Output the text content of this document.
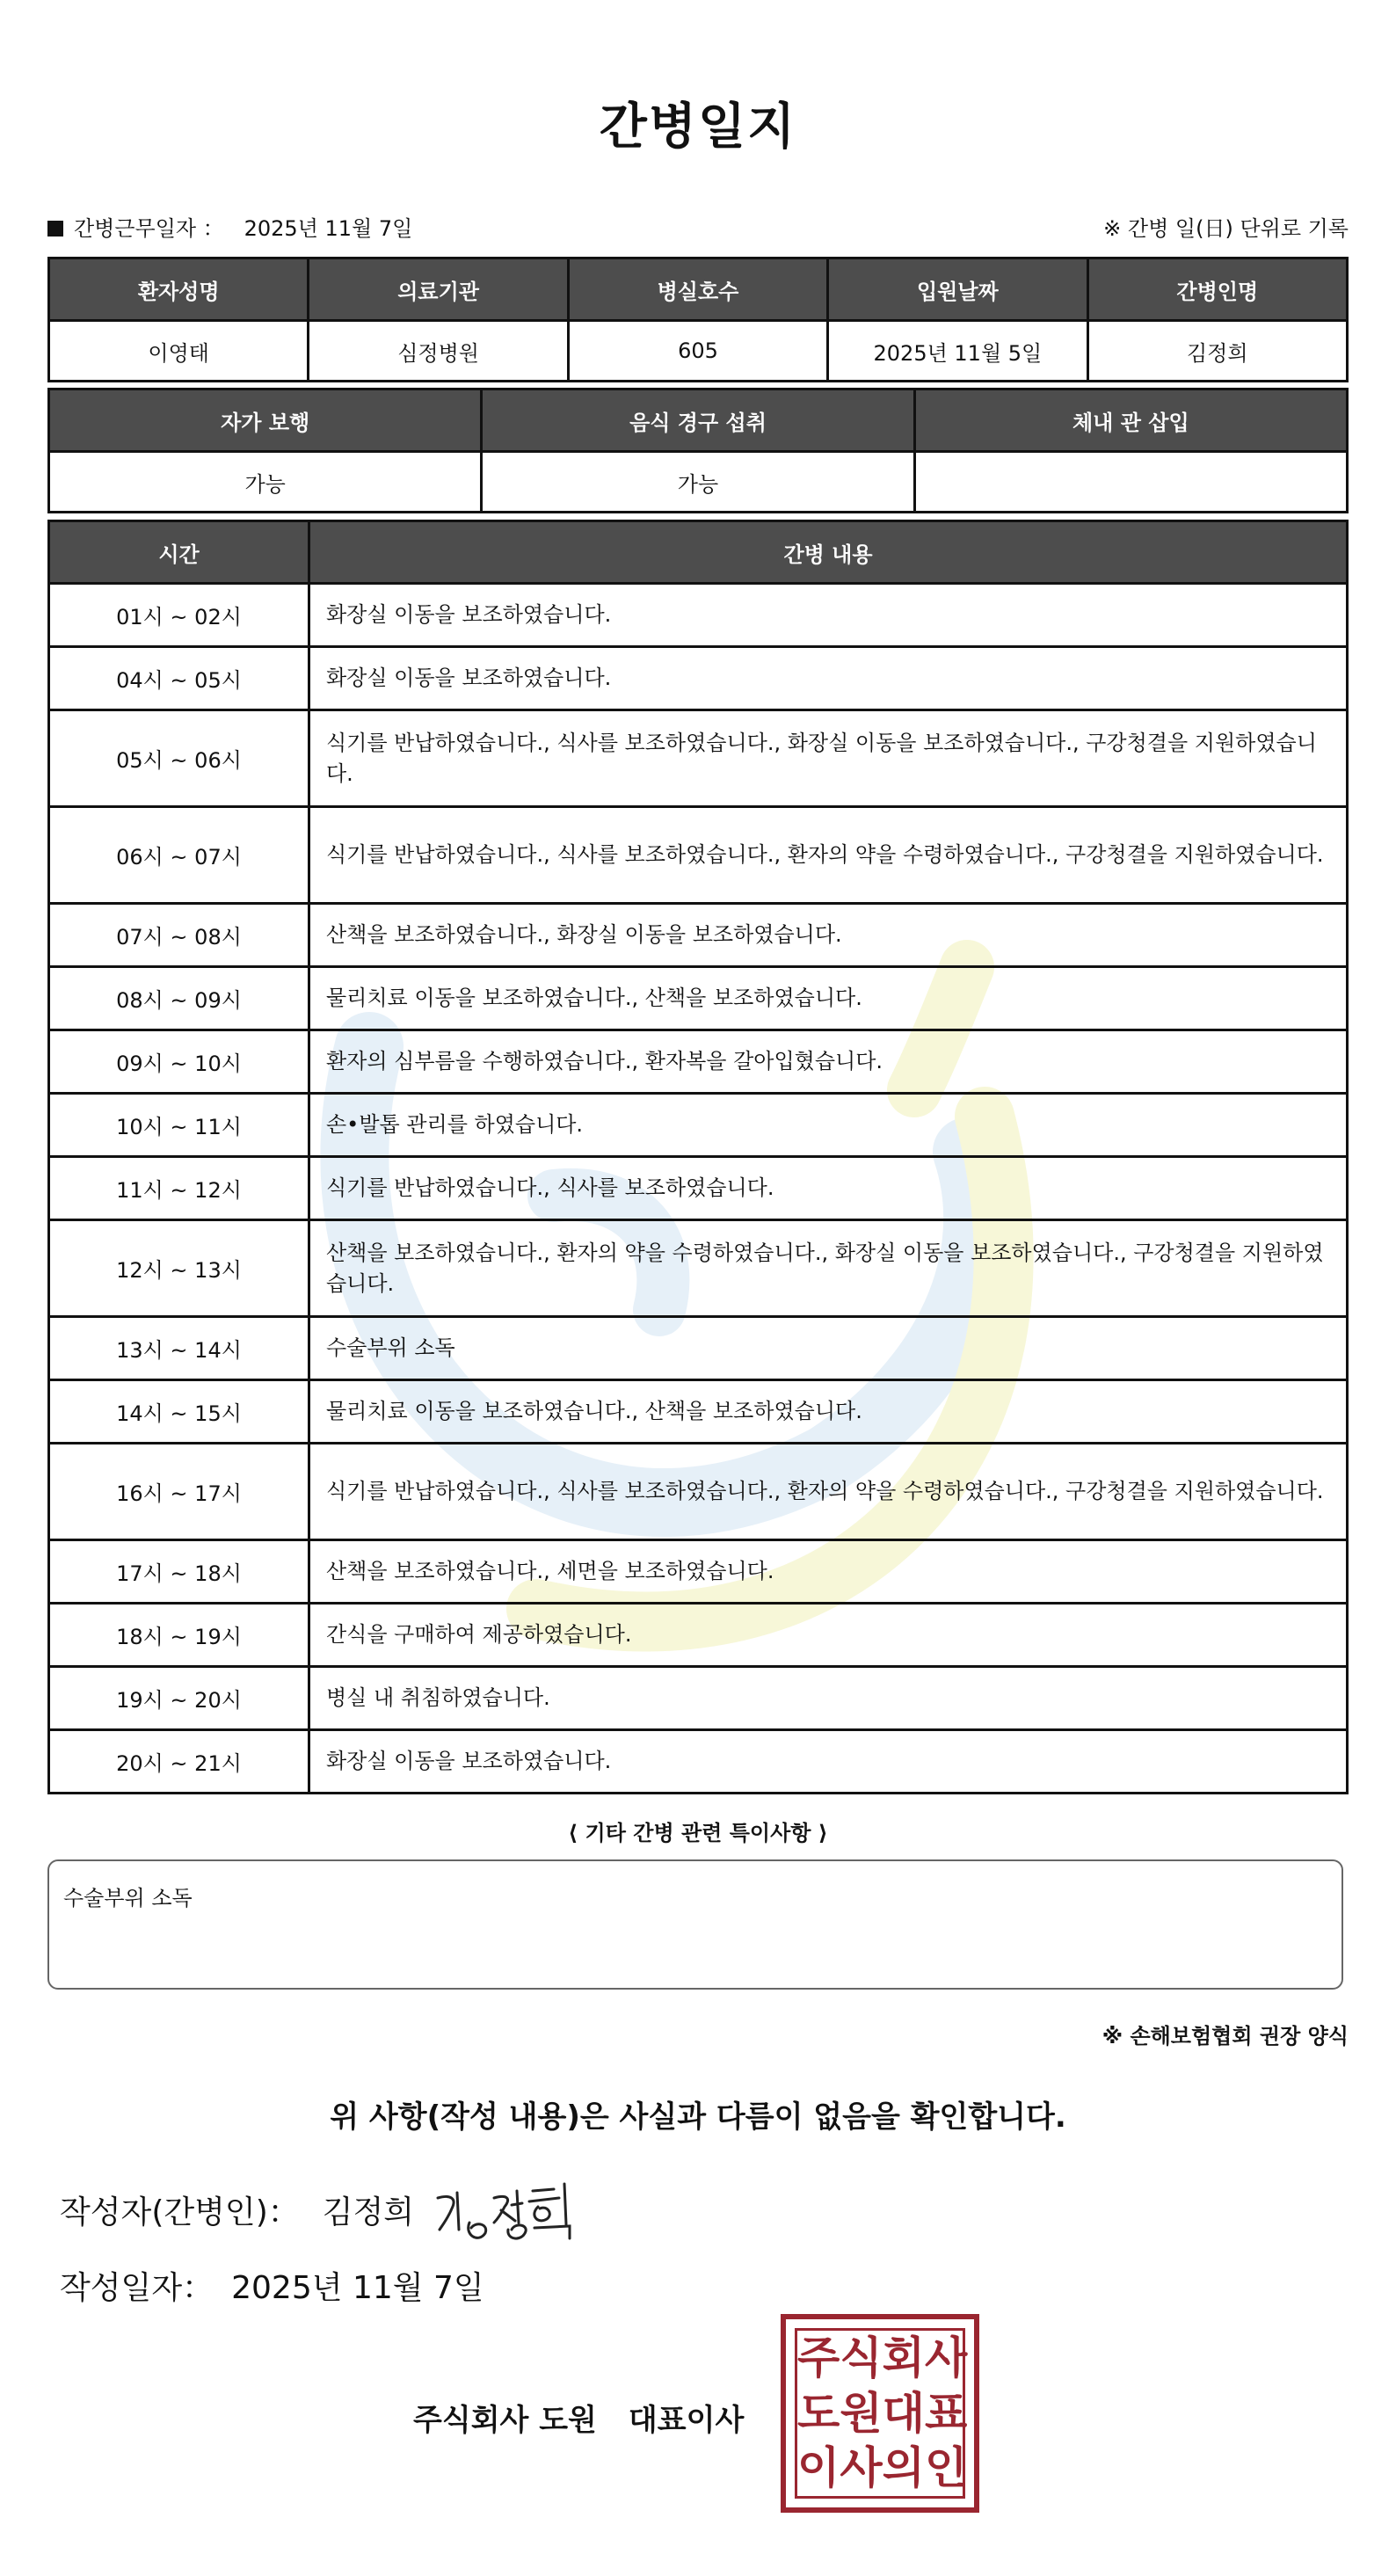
간병일지
간병근무일자 ： 2025년 11월 7일	※ 간병 일(日) 단위로 기록
환자성명	의료기관	병실호수	입원날짜	간병인명
이영태	심정병원	605	2025년 11월 5일	김정희
자가 보행	음식 경구 섭취	체내 관 삽입
가능	가능	
시간	간병 내용
01시 ~ 02시	화장실 이동을 보조하였습니다.
04시 ~ 05시	화장실 이동을 보조하였습니다.
05시 ~ 06시	식기를 반납하였습니다., 식사를 보조하였습니다., 화장실 이동을 보조하였습니다., 구강청결을 지원하였습니다.
06시 ~ 07시	식기를 반납하였습니다., 식사를 보조하였습니다., 환자의 약을 수령하였습니다., 구강청결을 지원하였습니다.
07시 ~ 08시	산책을 보조하였습니다., 화장실 이동을 보조하였습니다.
08시 ~ 09시	물리치료 이동을 보조하였습니다., 산책을 보조하였습니다.
09시 ~ 10시	환자의 심부름을 수행하였습니다., 환자복을 갈아입혔습니다.
10시 ~ 11시	손•발톱 관리를 하였습니다.
11시 ~ 12시	식기를 반납하였습니다., 식사를 보조하였습니다.
12시 ~ 13시	산책을 보조하였습니다., 환자의 약을 수령하였습니다., 화장실 이동을 보조하였습니다., 구강청결을 지원하였습니다.
13시 ~ 14시	수술부위 소독
14시 ~ 15시	물리치료 이동을 보조하였습니다., 산책을 보조하였습니다.
16시 ~ 17시	식기를 반납하였습니다., 식사를 보조하였습니다., 환자의 약을 수령하였습니다., 구강청결을 지원하였습니다.
17시 ~ 18시	산책을 보조하였습니다., 세면을 보조하였습니다.
18시 ~ 19시	간식을 구매하여 제공하였습니다.
19시 ~ 20시	병실 내 취침하였습니다.
20시 ~ 21시	화장실 이동을 보조하였습니다.
⟨ 기타 간병 관련 특이사항 ⟩
수술부위 소독
※ 손해보험협회 권장 양식
위 사항(작성 내용)은 사실과 다름이 없음을 확인합니다.
작성자(간병인)： 김정희
작성일자： 2025년 11월 7일
주식회사 도원 대표이사
주 식 회 사
도 원 대 표
이 사 의 인
